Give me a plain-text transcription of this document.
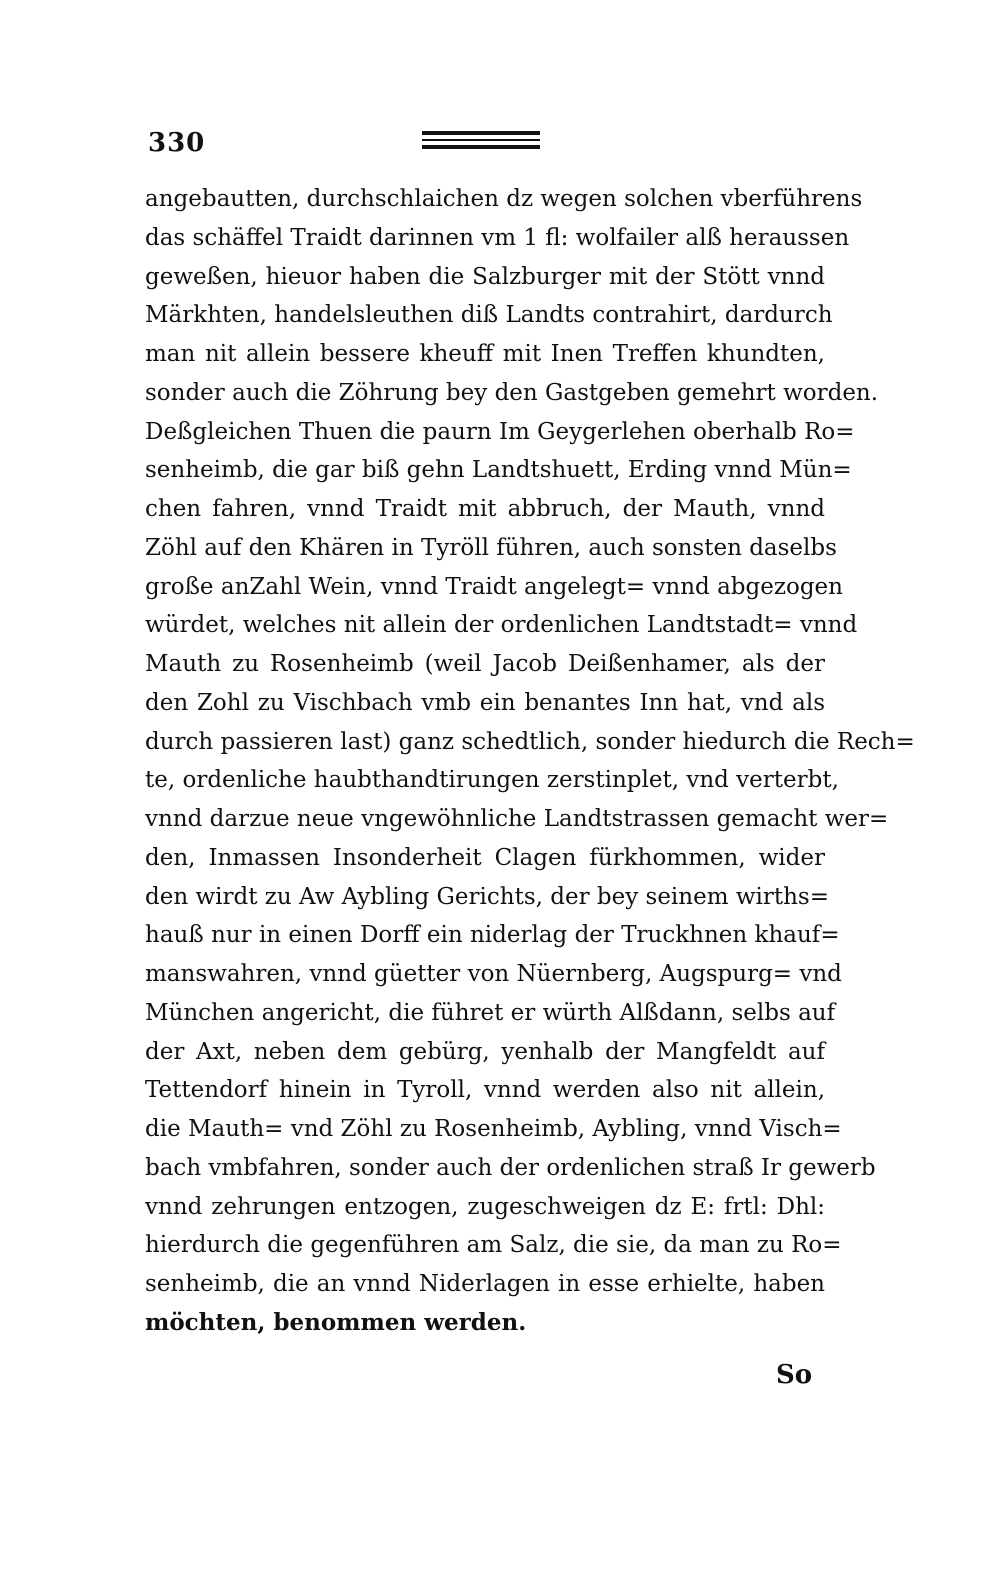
330
angebautten, durchschlaichen dz wegen solchen vberführens
das schäffel Traidt darinnen vm 1 fl: wolfailer alß heraussen
geweßen, hieuor haben die Salzburger mit der Stött vnnd
Märkhten, handelsleuthen diß Landts contrahirt, dardurch
man nit allein bessere kheuff mit Inen Treffen khundten,
sonder auch die Zöhrung bey den Gastgeben gemehrt worden.
Deßgleichen Thuen die paurn Im Geygerlehen oberhalb Ro=
senheimb, die gar biß gehn Landtshuett, Erding vnnd Mün=
chen fahren, vnnd Traidt mit abbruch, der Mauth, vnnd
Zöhl auf den Khären in Tyröll führen, auch sonsten daselbs
große anZahl Wein, vnnd Traidt angelegt= vnnd abgezogen
würdet, welches nit allein der ordenlichen Landtstadt= vnnd
Mauth zu Rosenheimb (weil Jacob Deißenhamer, als der
den Zohl zu Vischbach vmb ein benantes Inn hat, vnd als
durch passieren last) ganz schedtlich, sonder hiedurch die Rech=
te, ordenliche haubthandtirungen zerstinplet, vnd verterbt,
vnnd darzue neue vngewöhnliche Landtstrassen gemacht wer=
den, Inmassen Insonderheit Clagen fürkhommen, wider
den wirdt zu Aw Aybling Gerichts, der bey seinem wirths=
hauß nur in einen Dorff ein niderlag der Truckhnen khauf=
manswahren, vnnd güetter von Nüernberg, Augspurg= vnd
München angericht, die führet er würth Alßdann, selbs auf
der Axt, neben dem gebürg, yenhalb der Mangfeldt auf
Tettendorf hinein in Tyroll, vnnd werden also nit allein,
die Mauth= vnd Zöhl zu Rosenheimb, Aybling, vnnd Visch=
bach vmbfahren, sonder auch der ordenlichen straß Ir gewerb
vnnd zehrungen entzogen, zugeschweigen dz E: frtl: Dhl:
hierdurch die gegenführen am Salz, die sie, da man zu Ro=
senheimb, die an vnnd Niderlagen in esse erhielte, haben
möchten, benommen werden.
So
